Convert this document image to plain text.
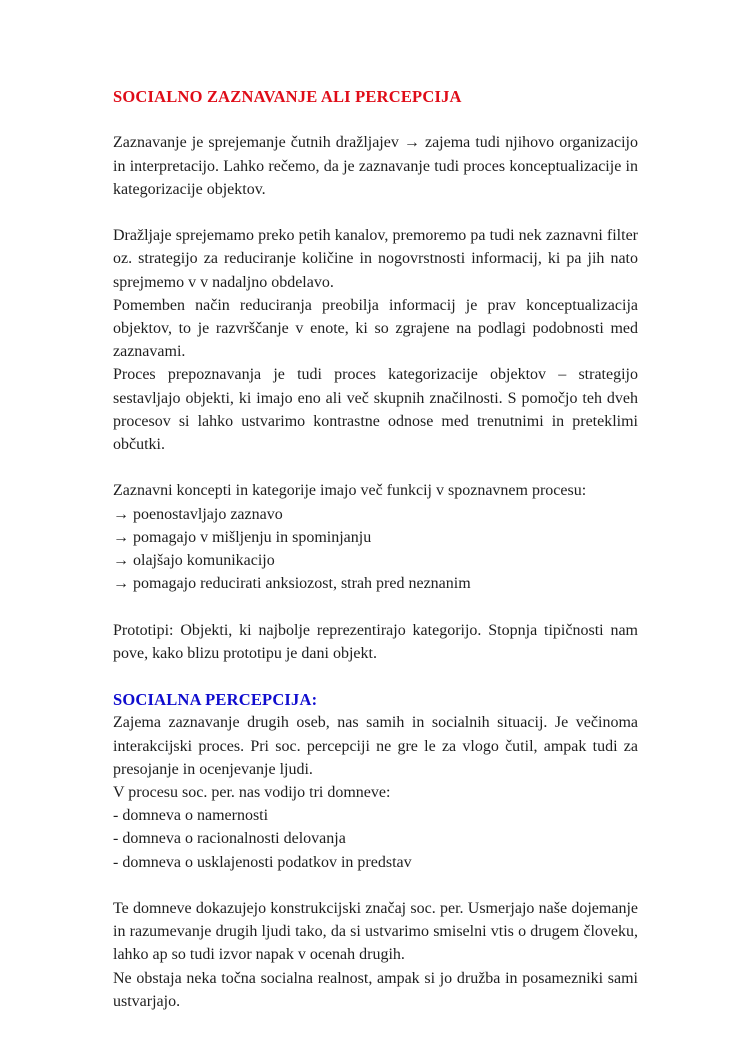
SOCIALNO ZAZNAVANJE ALI PERCEPCIJA

Zaznavanje je sprejemanje čutnih dražljajev → zajema tudi njihovo organizacijo in interpretacijo. Lahko rečemo, da je zaznavanje tudi proces konceptualizacije in kategorizacije objektov.

Dražljaje sprejemamo preko petih kanalov, premoremo pa tudi nek zaznavni filter oz. strategijo za reduciranje količine in nogovrstnosti informacij, ki pa jih nato sprejmemo v v nadaljno obdelavo.

Pomemben način reduciranja preobilja informacij je prav konceptualizacija objektov, to je razvrščanje v enote, ki so zgrajene na podlagi podobnosti med zaznavami.

Proces prepoznavanja je tudi proces kategorizacije objektov – strategijo sestavljajo objekti, ki imajo eno ali več skupnih značilnosti. S pomočjo teh dveh procesov si lahko ustvarimo kontrastne odnose med trenutnimi in preteklimi občutki.

Zaznavni koncepti in kategorije imajo več funkcij v spoznavnem procesu:

→ poenostavljajo zaznavo

→ pomagajo v mišljenju in spominjanju

→ olajšajo komunikacijo

→ pomagajo reducirati anksiozost, strah pred neznanim

Prototipi: Objekti, ki najbolje reprezentirajo kategorijo. Stopnja tipičnosti nam pove, kako blizu prototipu je dani objekt.

SOCIALNA PERCEPCIJA:

Zajema zaznavanje drugih oseb, nas samih in socialnih situacij. Je večinoma interakcijski proces. Pri soc. percepciji ne gre le za vlogo čutil, ampak tudi za presojanje in ocenjevanje ljudi.

V procesu soc. per. nas vodijo tri domneve:

- domneva o namernosti

- domneva o racionalnosti delovanja

- domneva o usklajenosti podatkov in predstav

Te domneve dokazujejo konstrukcijski značaj soc. per. Usmerjajo naše dojemanje in razumevanje drugih ljudi tako, da si ustvarimo smiselni vtis o drugem človeku, lahko ap so tudi izvor napak v ocenah drugih.

Ne obstaja neka točna socialna realnost, ampak si jo družba in posamezniki sami ustvarjajo.
